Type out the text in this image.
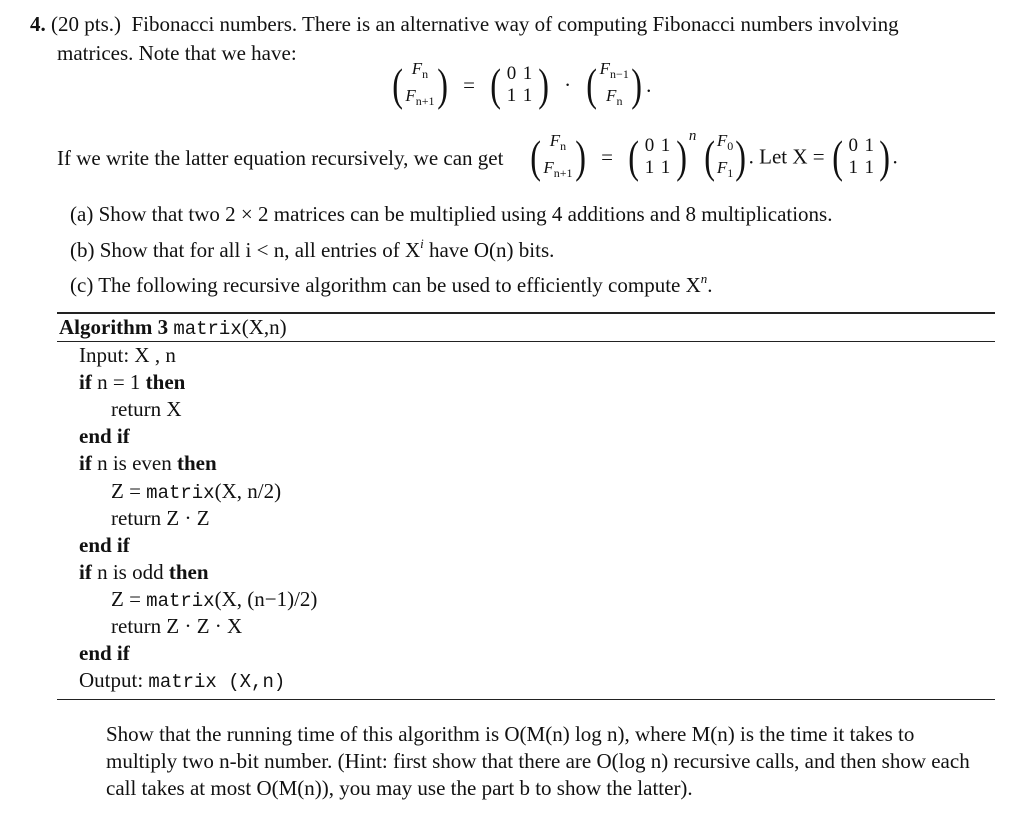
4. (20 pts.) Fibonacci numbers. There is an alternative way of computing Fibonacci numbers involving
matrices. Note that we have:
( $F_n$
$F_{n+1}$) = ( 0 1
1 1 ) · ( $F_{n-1}$
$F_n$ ) .
If we write the latter equation recursively, we can get ( $F_n$
$F_{n+1}$) = ( 0 1
1 1 ) $^n$ ( $F_0$
$F_1$) . Let X = ( 0 1
1 1 ) .
(a) Show that two 2 × 2 matrices can be multiplied using 4 additions and 8 multiplications.
(b) Show that for all i < n, all entries of $X^i$ have O(n) bits.
(c) The following recursive algorithm can be used to efficiently compute $X^n$.
Algorithm 3 matrix(X,n)
Input: X , n
if n = 1 then
return X
end if
if n is even then
Z = matrix(X, n/2)
return Z · Z
end if
if n is odd then
Z = matrix(X, (n−1)/2)
return Z · Z · X
end if
Output: matrix (X,n)
Show that the running time of this algorithm is O(M(n) log n), where M(n) is the time it takes to
multiply two n-bit number. (Hint: first show that there are O(log n) recursive calls, and then show each
call takes at most O(M(n)), you may use the part b to show the latter).
